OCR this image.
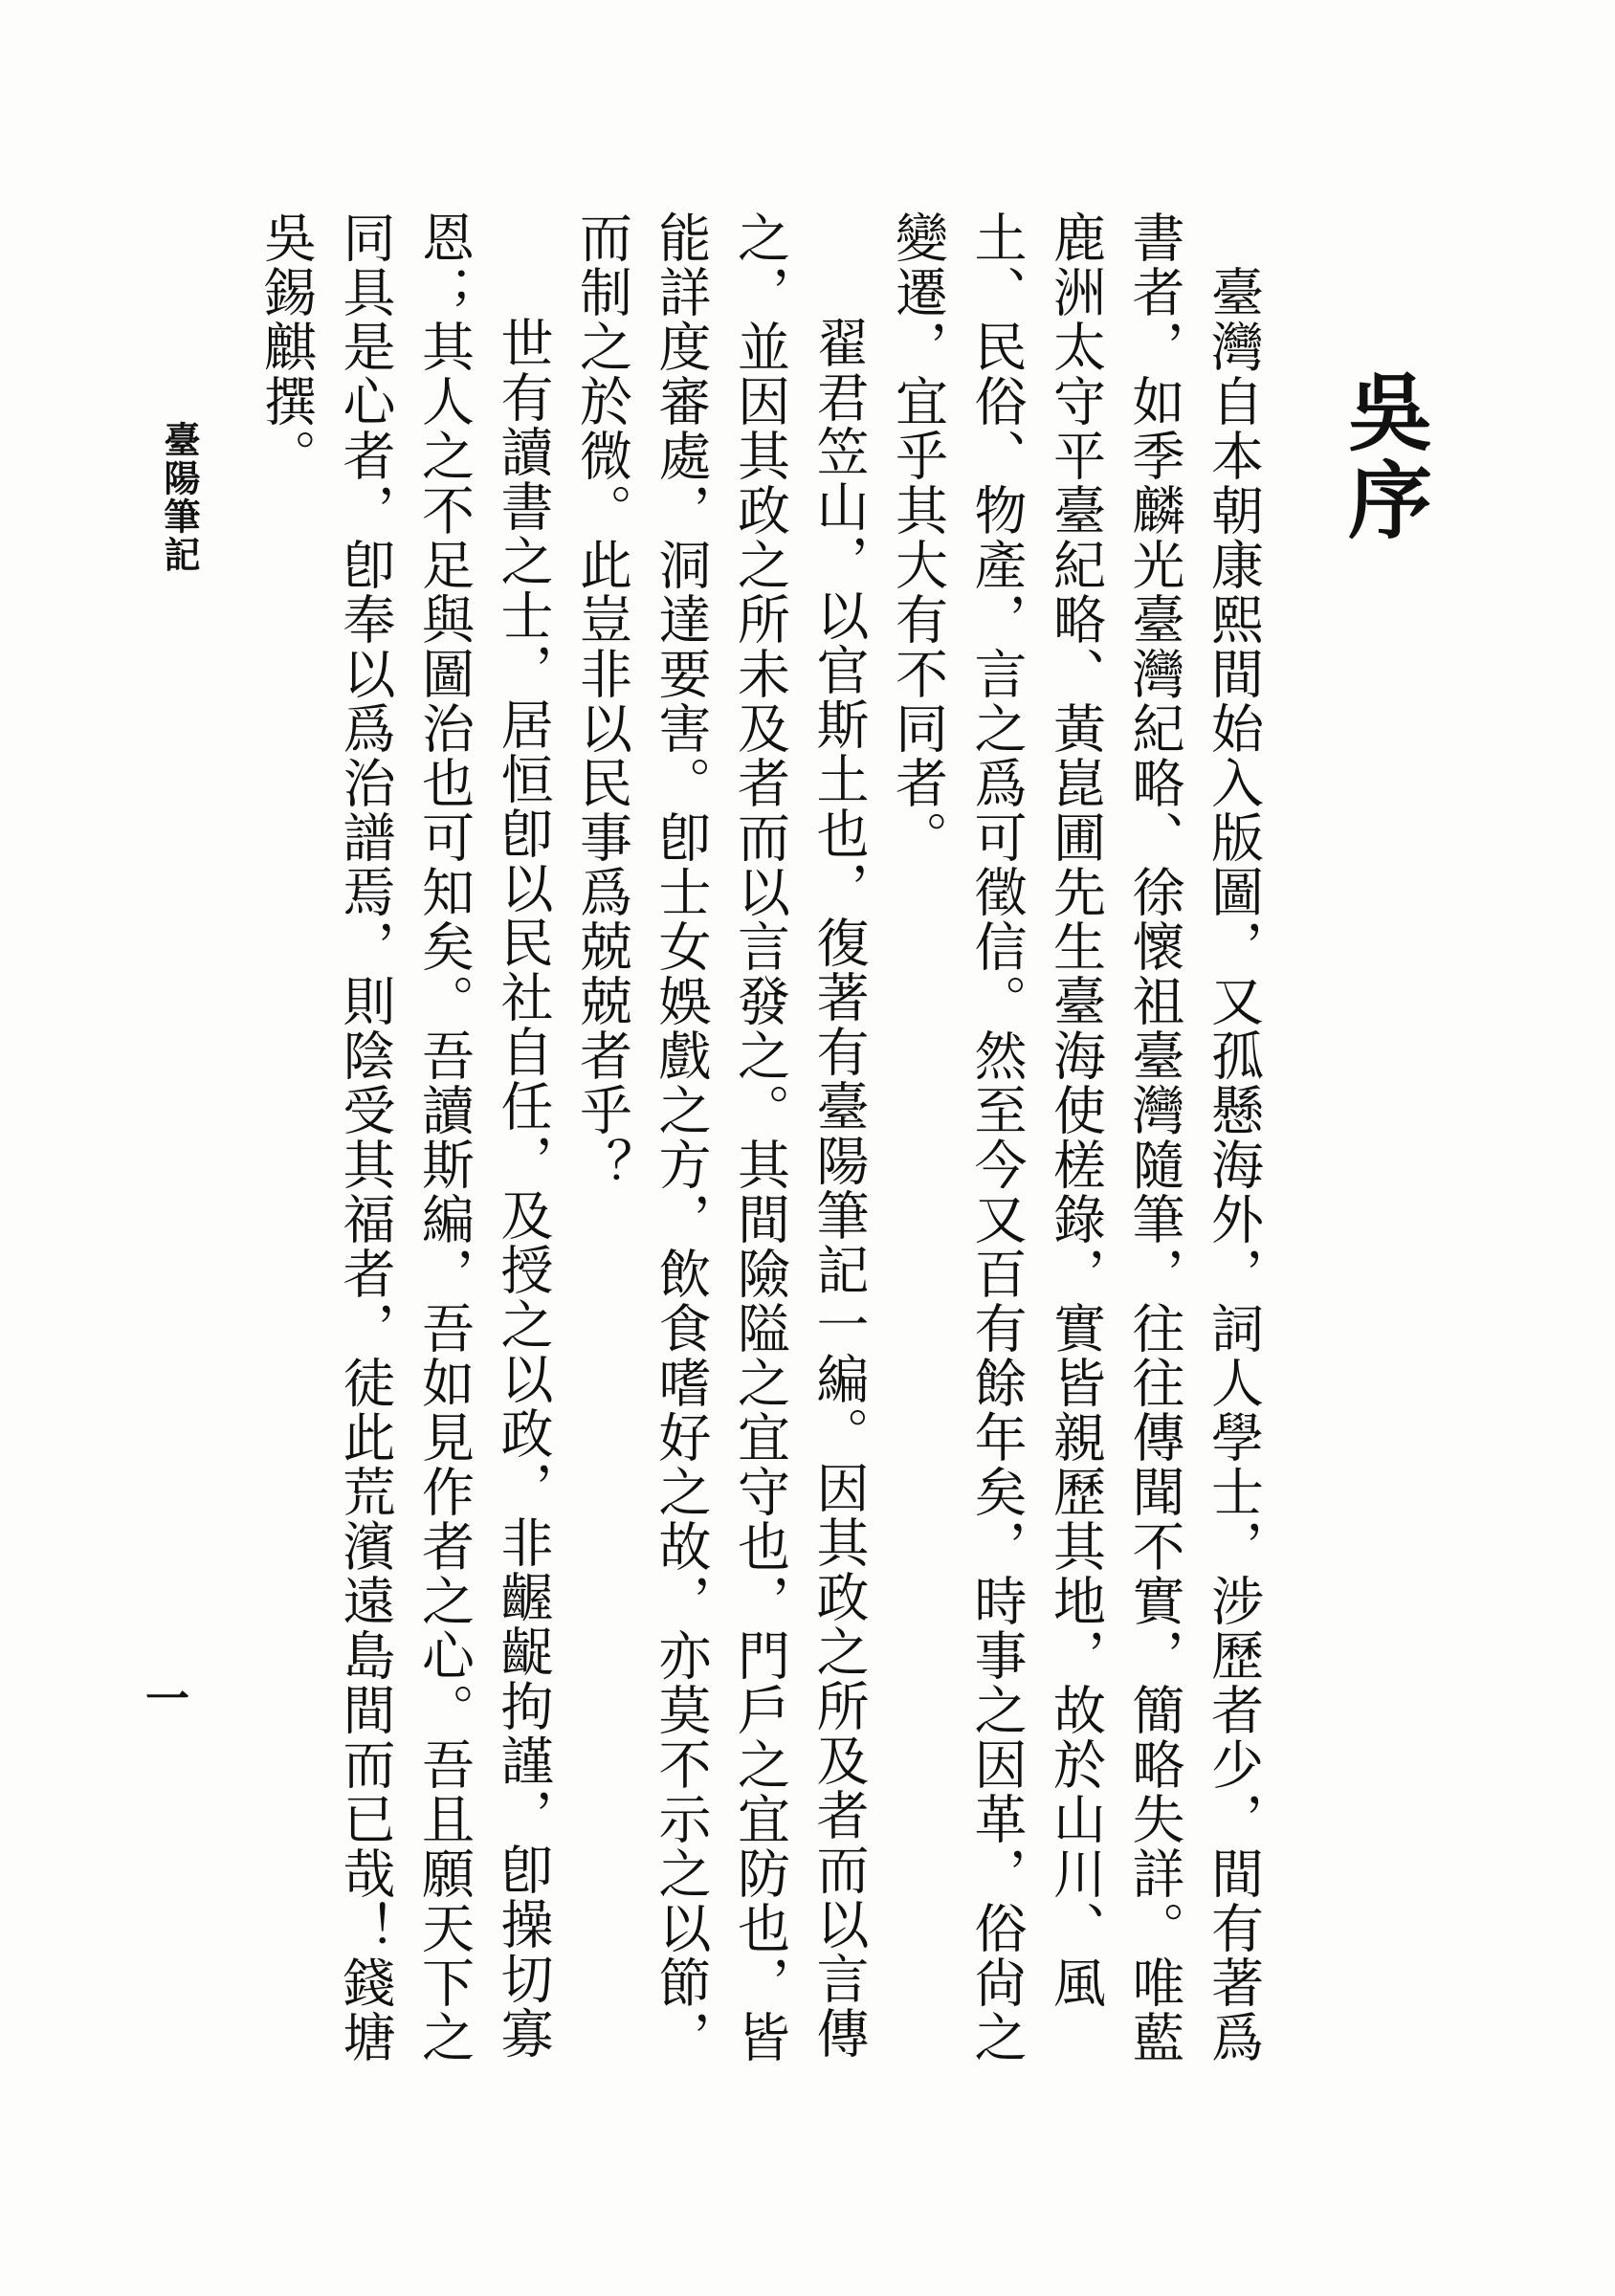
吳序

　臺灣自本朝康熙間始入版圖，又孤懸海外，詞人學士，涉歷者少，間有著爲書者，如季麟光臺灣紀略、徐懷祖臺灣隨筆，往往傳聞不實，簡略失詳。唯藍鹿洲太守平臺紀略、黃崑圃先生臺海使槎錄，實皆親歷其地，故於山川、風土、民俗、物產，言之爲可徵信。然至今又百有餘年矣，時事之因革，俗尙之變遷，宜乎其大有不同者。

翟君笠山，以官斯土也，復著有臺陽筆記一編。因其政之所及者而以言傳之，並因其政之所未及者而以言發之。其間險隘之宜守也，門戶之宜防也，皆能詳度審處，洞達要害。卽士女娛戲之方，飲食嗜好之故，亦莫不示之以節，而制之於微。此豈非以民事爲兢兢者乎？

世有讀書之士，居恒卽以民社自任，及授之以政，非齷齪拘謹，卽操切寡恩；其人之不足與圖治也可知矣。吾讀斯編，吾如見作者之心。吾且願天下之同具是心者，卽奉以爲治譜焉，則陰受其福者，徒此荒濱遠島間而已哉！錢塘吳錫麒撰。

臺陽筆記
一
